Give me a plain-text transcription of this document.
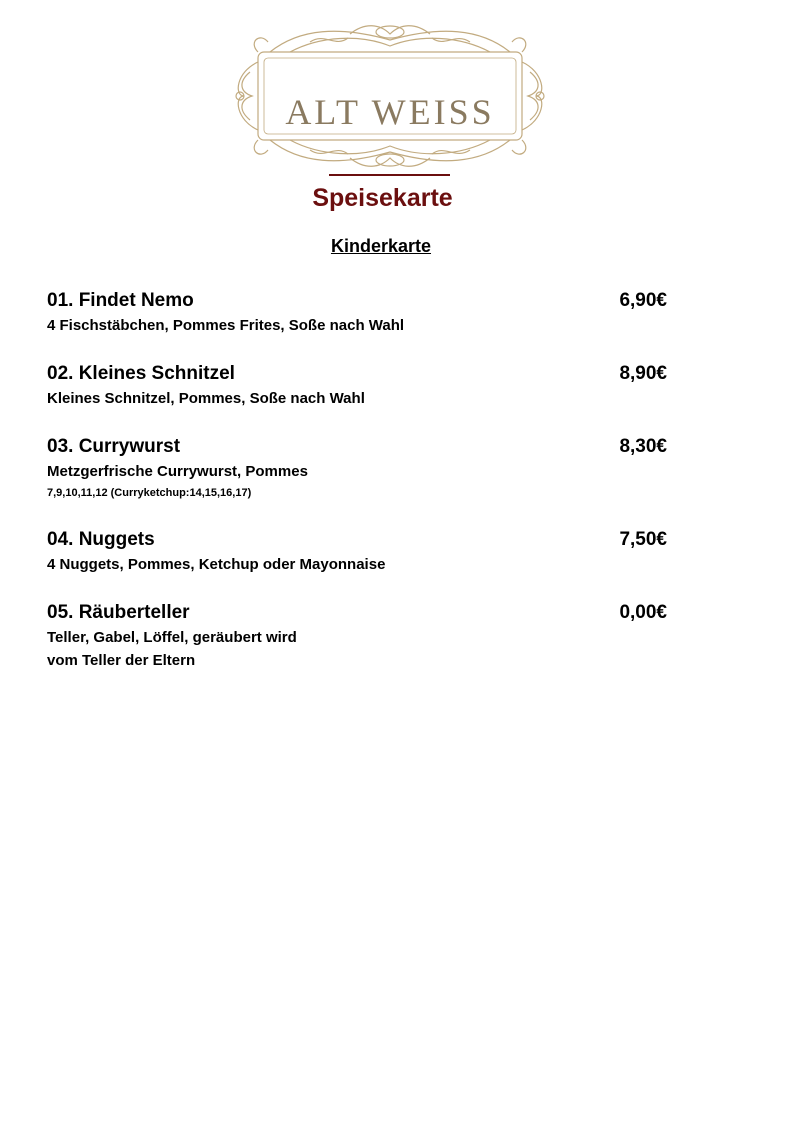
ALT WEISS
Speisekarte
Kinderkarte
01. Findet Nemo	6,90€
4 Fischstäbchen, Pommes Frites, Soße nach Wahl
02. Kleines Schnitzel	8,90€
Kleines Schnitzel, Pommes, Soße nach Wahl
03. Currywurst	8,30€
Metzgerfrische Currywurst, Pommes
7,9,10,11,12 (Curryketchup:14,15,16,17)
04. Nuggets	7,50€
4 Nuggets, Pommes, Ketchup oder Mayonnaise
05. Räuberteller	0,00€
Teller, Gabel, Löffel, geräubert wird
vom Teller der Eltern
